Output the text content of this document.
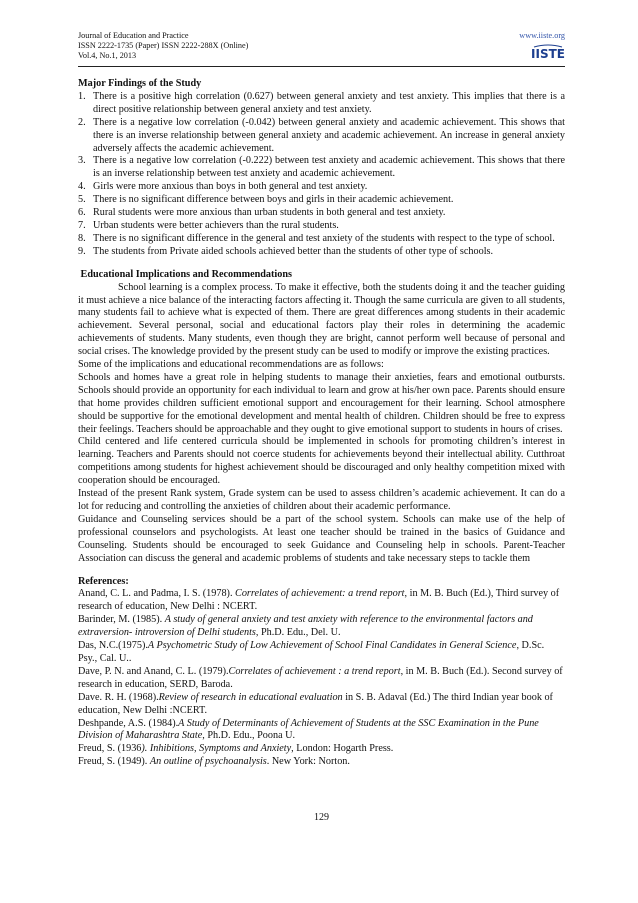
Journal of Education and Practice
ISSN 2222-1735 (Paper) ISSN 2222-288X (Online)
Vol.4, No.1, 2013
www.iiste.org
IISTE
Major Findings of the Study
1. There is a positive high correlation (0.627) between general anxiety and test anxiety. This implies that there is a direct positive relationship between general anxiety and test anxiety.
2. There is a negative low correlation (-0.042) between general anxiety and academic achievement. This shows that there is an inverse relationship between general anxiety and academic achievement. An increase in general anxiety adversely affects the academic achievement.
3. There is a negative low correlation (-0.222) between test anxiety and academic achievement. This shows that there is an inverse relationship between test anxiety and academic achievement.
4. Girls were more anxious than boys in both general and test anxiety.
5. There is no significant difference between boys and girls in their academic achievement.
6. Rural students were more anxious than urban students in both general and test anxiety.
7. Urban students were better achievers than the rural students.
8. There is no significant difference in the general and test anxiety of the students with respect to the type of school.
9. The students from Private aided schools achieved better than the students of other type of schools.
Educational Implications and Recommendations

School learning is a complex process. To make it effective, both the students doing it and the teacher guiding it must achieve a nice balance of the interacting factors affecting it. Though the same curricula are given to all students, many students fail to achieve what is expected of them. There are great differences among students in their academic achievement. Several personal, social and educational factors play their roles in determining the academic achievements of students. Many students, even though they are bright, cannot perform well because of personal and social crises. The knowledge provided by the present study can be used to modify or improve the existing practices.

Some of the implications and educational recommendations are as follows:

Schools and homes have a great role in helping students to manage their anxieties, fears and emotional outbursts. Schools should provide an opportunity for each individual to learn and grow at his/her own pace. Parents should ensure that home provides children sufficient emotional support and encouragement for their learning. School atmosphere should be supportive for the emotional development and mental health of children. Children should be free to express their feelings. Teachers should be approachable and they ought to give emotional support to students in hours of crises.

Child centered and life centered curricula should be implemented in schools for promoting children’s interest in learning. Teachers and Parents should not coerce students for achievements beyond their intellectual ability. Cutthroat competitions among students for highest achievement should be discouraged and only healthy competition mixed with cooperation should be encouraged.

Instead of the present Rank system, Grade system can be used to assess children’s academic achievement. It can do a lot for reducing and controlling the anxieties of children about their academic performance.

Guidance and Counseling services should be a part of the school system. Schools can make use of the help of professional counselors and psychologists. At least one teacher should be trained in the basics of Guidance and Counseling. Students should be encouraged to seek Guidance and Counseling help in schools. Parent-Teacher Association can discuss the general and academic problems of students and take necessary steps to tackle them

References:

Anand, C. L. and Padma, I. S. (1978). Correlates of achievement: a trend report, in M. B. Buch (Ed.), Third survey of research of education, New Delhi : NCERT.

Barinder, M. (1985). A study of general anxiety and test anxiety with reference to the environmental factors and extraversion- introversion of Delhi students, Ph.D. Edu., Del. U.

Das, N.C.(1975).A Psychometric Study of Low Achievement of School Final Candidates in General Science, D.Sc. Psy., Cal. U..

Dave, P. N. and Anand, C. L. (1979).Correlates of achievement : a trend report, in M. B. Buch (Ed.). Second survey of research in education, SERD, Baroda.

Dave. R. H. (1968).Review of research in educational evaluation in S. B. Adaval (Ed.) The third Indian year book of education, New Delhi :NCERT.

Deshpande, A.S. (1984).A Study of Determinants of Achievement of Students at the SSC Examination in the Pune Division of Maharashtra State, Ph.D. Edu., Poona U.

Freud, S. (1936). Inhibitions, Symptoms and Anxiety, London: Hogarth Press.

Freud, S. (1949). An outline of psychoanalysis. New York: Norton.

129
